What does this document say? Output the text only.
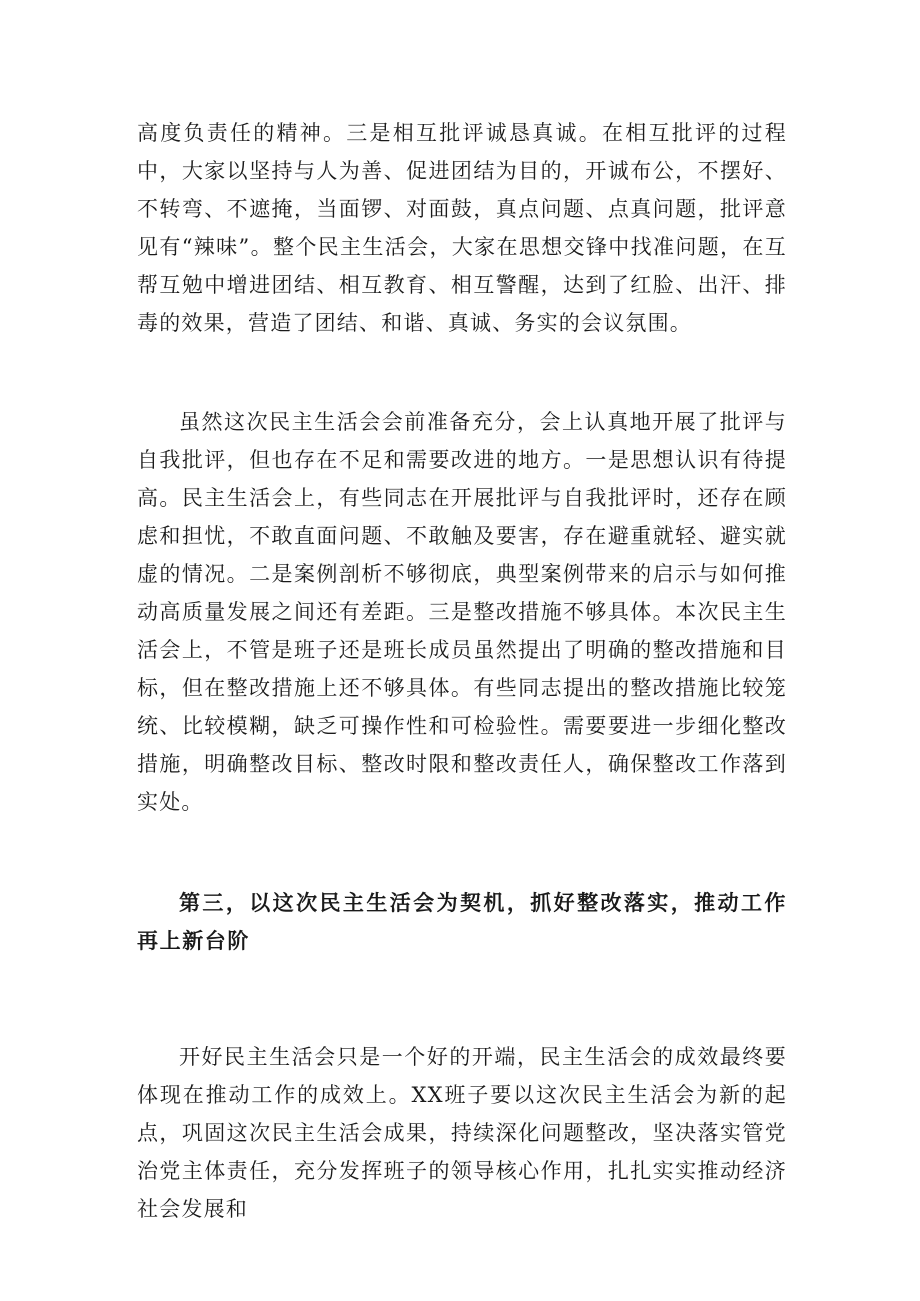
高度负责任的精神。三是相互批评诚恳真诚。在相互批评的过程中，大家以坚持与人为善、促进团结为目的，开诚布公，不摆好、不转弯、不遮掩，当面锣、对面鼓，真点问题、点真问题，批评意见有“辣味”。整个民主生活会，大家在思想交锋中找准问题，在互帮互勉中增进团结、相互教育、相互警醒，达到了红脸、出汗、排毒的效果，营造了团结、和谐、真诚、务实的会议氛围。

虽然这次民主生活会会前准备充分，会上认真地开展了批评与自我批评，但也存在不足和需要改进的地方。一是思想认识有待提高。民主生活会上，有些同志在开展批评与自我批评时，还存在顾虑和担忧，不敢直面问题、不敢触及要害，存在避重就轻、避实就虚的情况。二是案例剖析不够彻底，典型案例带来的启示与如何推动高质量发展之间还有差距。三是整改措施不够具体。本次民主生活会上，不管是班子还是班长成员虽然提出了明确的整改措施和目标，但在整改措施上还不够具体。有些同志提出的整改措施比较笼统、比较模糊，缺乏可操作性和可检验性。需要要进一步细化整改措施，明确整改目标、整改时限和整改责任人，确保整改工作落到实处。

第三，以这次民主生活会为契机，抓好整改落实，推动工作再上新台阶

开好民主生活会只是一个好的开端，民主生活会的成效最终要体现在推动工作的成效上。XX班子要以这次民主生活会为新的起点，巩固这次民主生活会成果，持续深化问题整改，坚决落实管党治党主体责任，充分发挥班子的领导核心作用，扎扎实实推动经济社会发展和
